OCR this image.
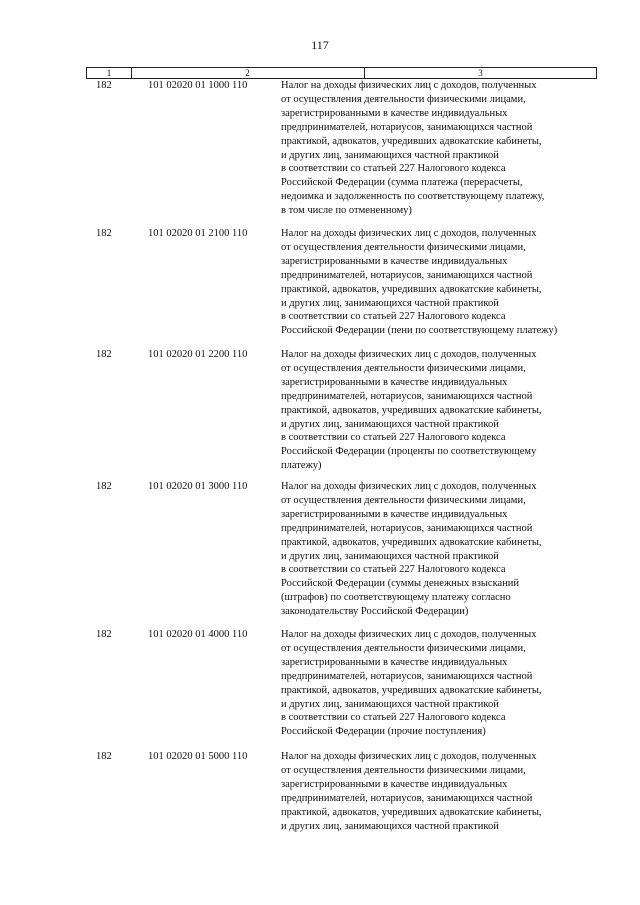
117
1	2	3
182	101 02020 01 1000 110	Налог на доходы физических лиц с доходов, полученных
от осуществления деятельности физическими лицами,
зарегистрированными в качестве индивидуальных
предпринимателей, нотариусов, занимающихся частной
практикой, адвокатов, учредивших адвокатские кабинеты,
и других лиц, занимающихся частной практикой
в соответствии со статьей 227 Налогового кодекса
Российской Федерации (сумма платежа (перерасчеты,
недоимка и задолженность по соответствующему платежу,
в том числе по отмененному)
182	101 02020 01 2100 110	Налог на доходы физических лиц с доходов, полученных
от осуществления деятельности физическими лицами,
зарегистрированными в качестве индивидуальных
предпринимателей, нотариусов, занимающихся частной
практикой, адвокатов, учредивших адвокатские кабинеты,
и других лиц, занимающихся частной практикой
в соответствии со статьей 227 Налогового кодекса
Российской Федерации (пени по соответствующему платежу)
182	101 02020 01 2200 110	Налог на доходы физических лиц с доходов, полученных
от осуществления деятельности физическими лицами,
зарегистрированными в качестве индивидуальных
предпринимателей, нотариусов, занимающихся частной
практикой, адвокатов, учредивших адвокатские кабинеты,
и других лиц, занимающихся частной практикой
в соответствии со статьей 227 Налогового кодекса
Российской Федерации (проценты по соответствующему
платежу)
182	101 02020 01 3000 110	Налог на доходы физических лиц с доходов, полученных
от осуществления деятельности физическими лицами,
зарегистрированными в качестве индивидуальных
предпринимателей, нотариусов, занимающихся частной
практикой, адвокатов, учредивших адвокатские кабинеты,
и других лиц, занимающихся частной практикой
в соответствии со статьей 227 Налогового кодекса
Российской Федерации (суммы денежных взысканий
(штрафов) по соответствующему платежу согласно
законодательству Российской Федерации)
182	101 02020 01 4000 110	Налог на доходы физических лиц с доходов, полученных
от осуществления деятельности физическими лицами,
зарегистрированными в качестве индивидуальных
предпринимателей, нотариусов, занимающихся частной
практикой, адвокатов, учредивших адвокатские кабинеты,
и других лиц, занимающихся частной практикой
в соответствии со статьей 227 Налогового кодекса
Российской Федерации (прочие поступления)
182	101 02020 01 5000 110	Налог на доходы физических лиц с доходов, полученных
от осуществления деятельности физическими лицами,
зарегистрированными в качестве индивидуальных
предпринимателей, нотариусов, занимающихся частной
практикой, адвокатов, учредивших адвокатские кабинеты,
и других лиц, занимающихся частной практикой
